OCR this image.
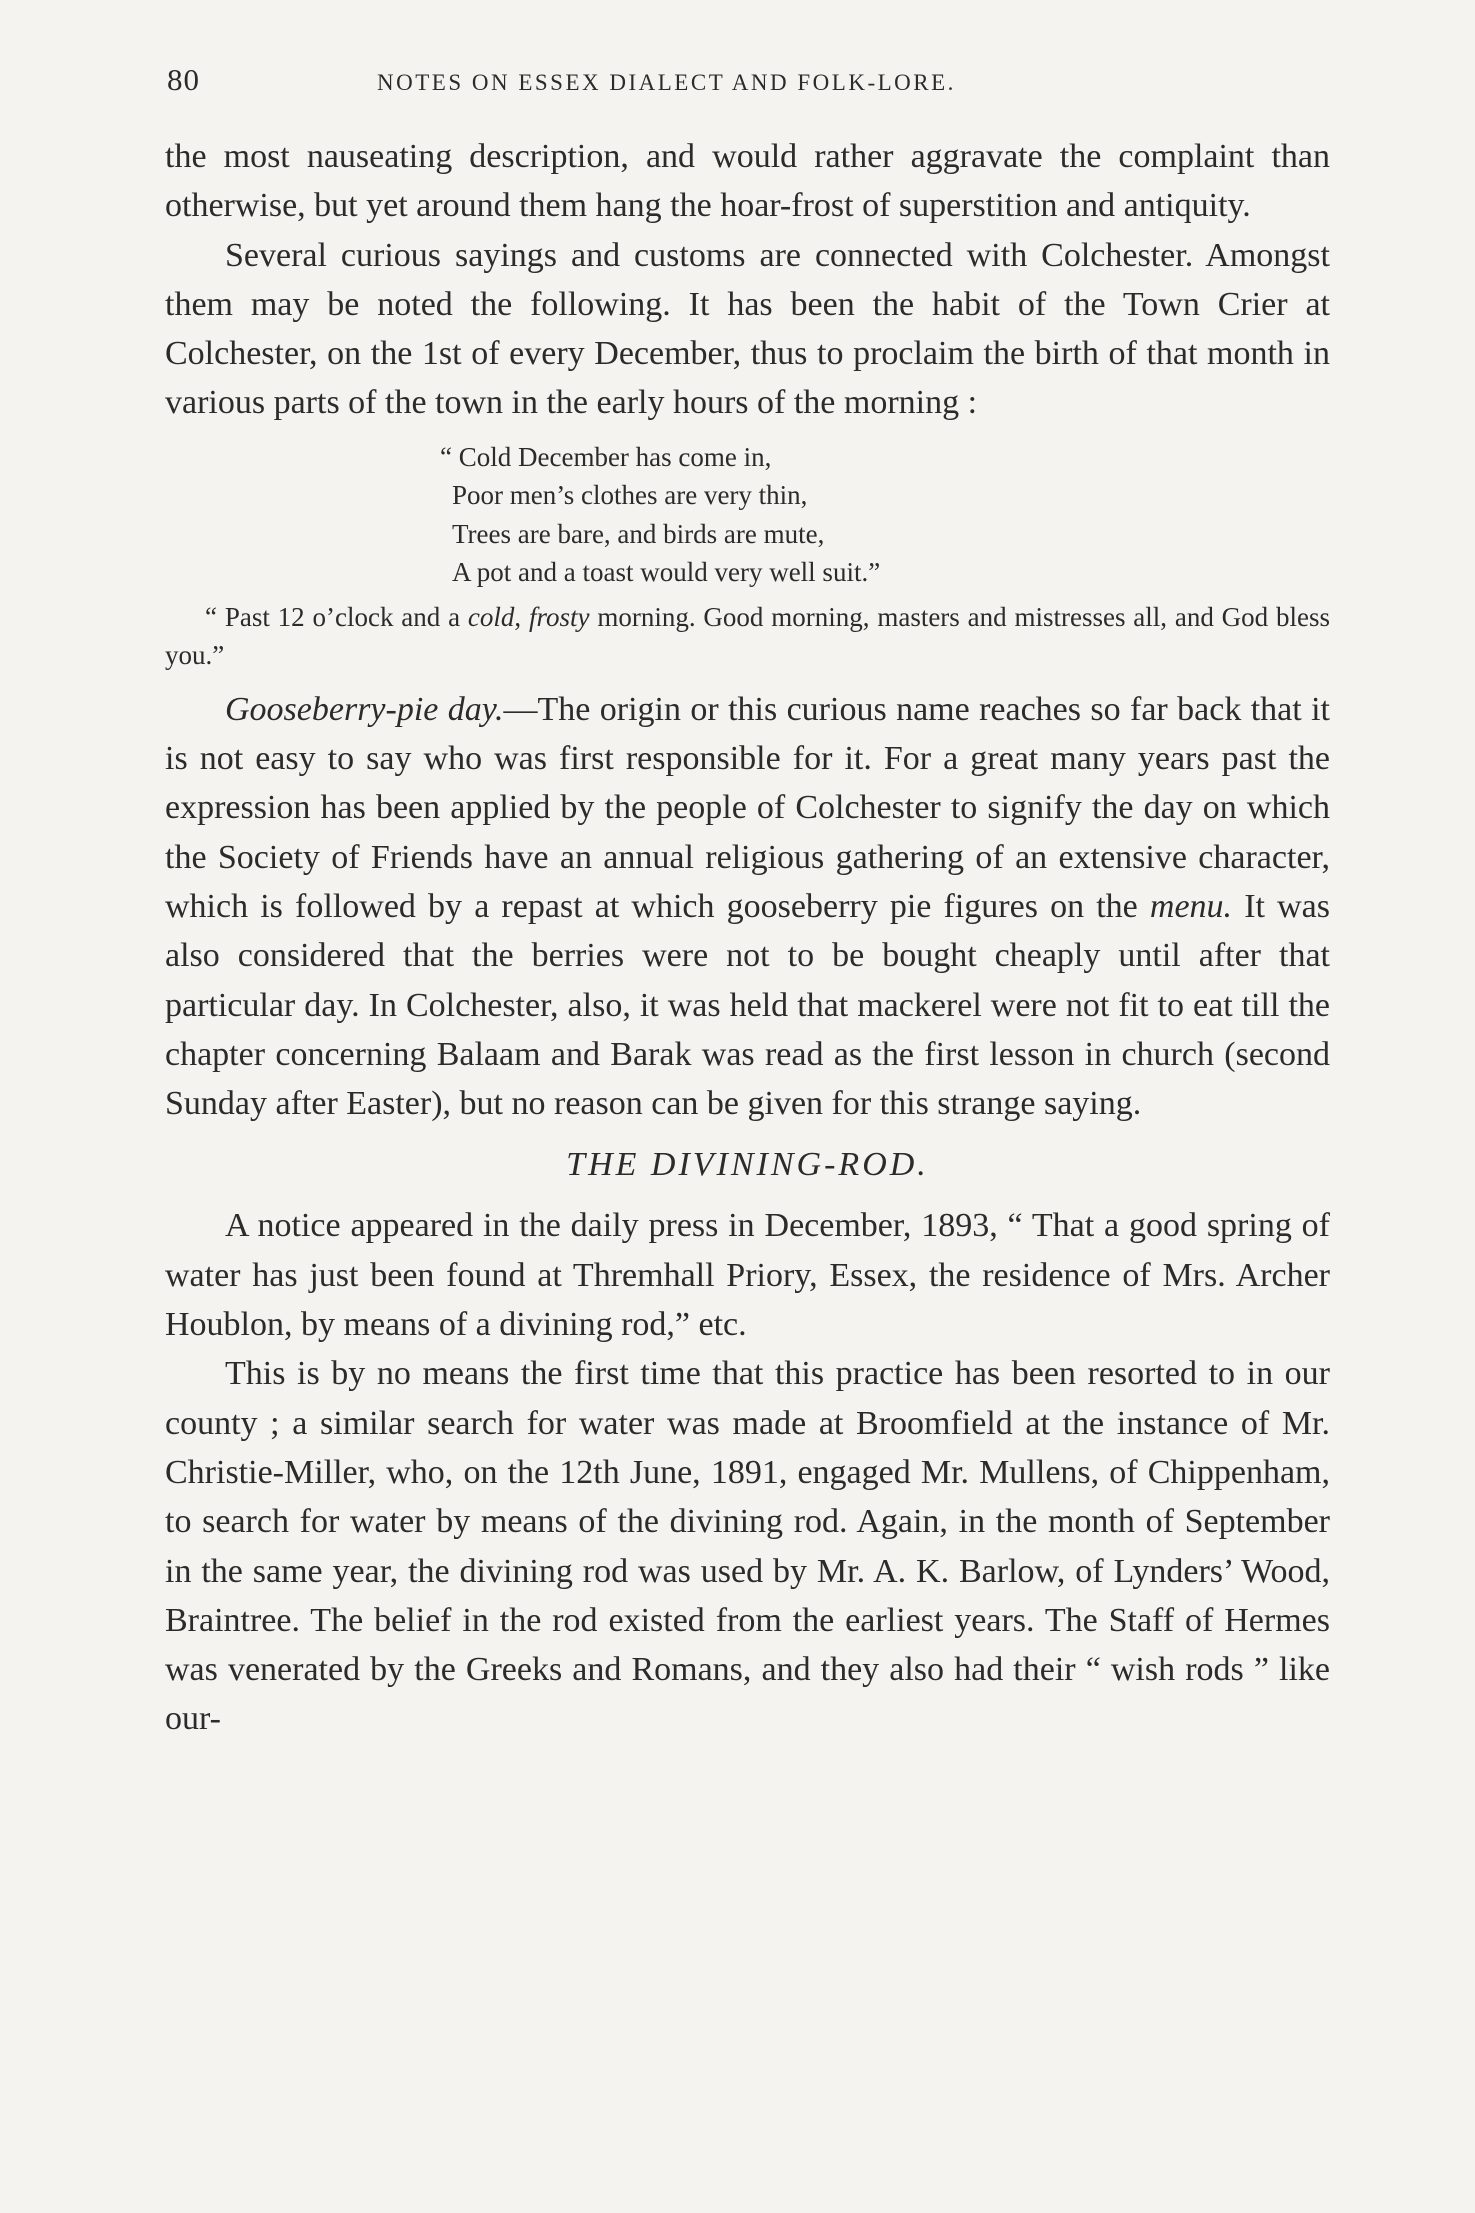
80	NOTES ON ESSEX DIALECT AND FOLK-LORE.

the most nauseating description, and would rather aggravate the complaint than otherwise, but yet around them hang the hoar-frost of superstition and antiquity.

Several curious sayings and customs are connected with Colchester. Amongst them may be noted the following. It has been the habit of the Town Crier at Colchester, on the 1st of every December, thus to proclaim the birth of that month in various parts of the town in the early hours of the morning :

“ Cold December has come in,
Poor men’s clothes are very thin,
Trees are bare, and birds are mute,
A pot and a toast would very well suit.”

“ Past 12 o’clock and a cold, frosty morning. Good morning, masters and mistresses all, and God bless you.”

Gooseberry-pie day.—The origin or this curious name reaches so far back that it is not easy to say who was first responsible for it. For a great many years past the expression has been applied by the people of Colchester to signify the day on which the Society of Friends have an annual religious gathering of an extensive character, which is followed by a repast at which gooseberry pie figures on the menu. It was also considered that the berries were not to be bought cheaply until after that particular day. In Colchester, also, it was held that mackerel were not fit to eat till the chapter concerning Balaam and Barak was read as the first lesson in church (second Sunday after Easter), but no reason can be given for this strange saying.

THE DIVINING-ROD.

A notice appeared in the daily press in December, 1893, “ That a good spring of water has just been found at Thremhall Priory, Essex, the residence of Mrs. Archer Houblon, by means of a divining rod,” etc.

This is by no means the first time that this practice has been resorted to in our county ; a similar search for water was made at Broomfield at the instance of Mr. Christie-Miller, who, on the 12th June, 1891, engaged Mr. Mullens, of Chippenham, to search for water by means of the divining rod. Again, in the month of September in the same year, the divining rod was used by Mr. A. K. Barlow, of Lynders’ Wood, Braintree. The belief in the rod existed from the earliest years. The Staff of Hermes was venerated by the Greeks and Romans, and they also had their “ wish rods ” like our-
